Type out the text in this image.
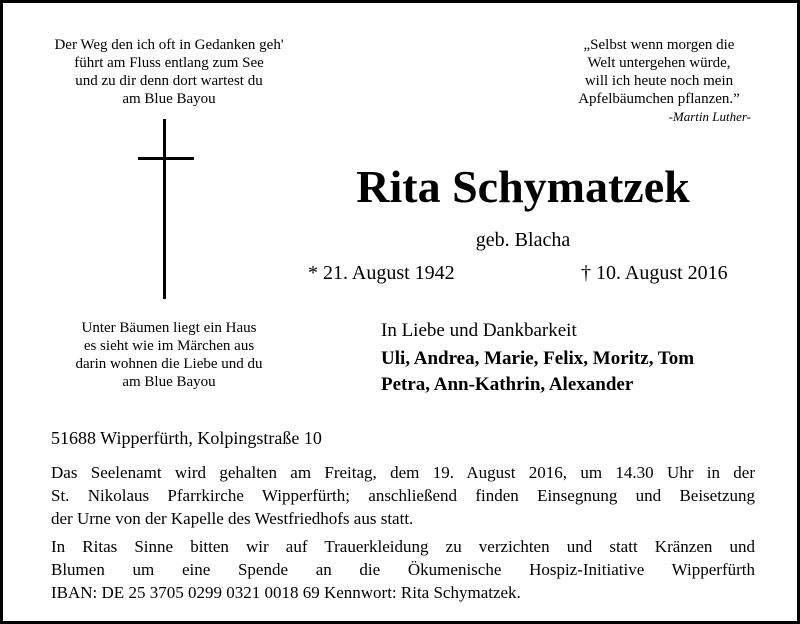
Der Weg den ich oft in Gedanken geh'
führt am Fluss entlang zum See
und zu dir denn dort wartest du
am Blue Bayou
„Selbst wenn morgen die
Welt untergehen würde,
will ich heute noch mein
Apfelbäumchen pflanzen.”
-Martin Luther-
Rita Schymatzek
geb. Blacha
* 21. August 1942	† 10. August 2016
Unter Bäumen liegt ein Haus
es sieht wie im Märchen aus
darin wohnen die Liebe und du
am Blue Bayou
In Liebe und Dankbarkeit
Uli, Andrea, Marie, Felix, Moritz, Tom
Petra, Ann-Kathrin, Alexander
51688 Wipperfürth, Kolpingstraße 10
Das Seelenamt wird gehalten am Freitag, dem 19. August 2016, um 14.30 Uhr in der
St. Nikolaus Pfarrkirche Wipperfürth; anschließend finden Einsegnung und Beisetzung
der Urne von der Kapelle des Westfriedhofs aus statt.
In Ritas Sinne bitten wir auf Trauerkleidung zu verzichten und statt Kränzen und
Blumen um eine Spende an die Ökumenische Hospiz-Initiative Wipperfürth
IBAN: DE 25 3705 0299 0321 0018 69 Kennwort: Rita Schymatzek.
